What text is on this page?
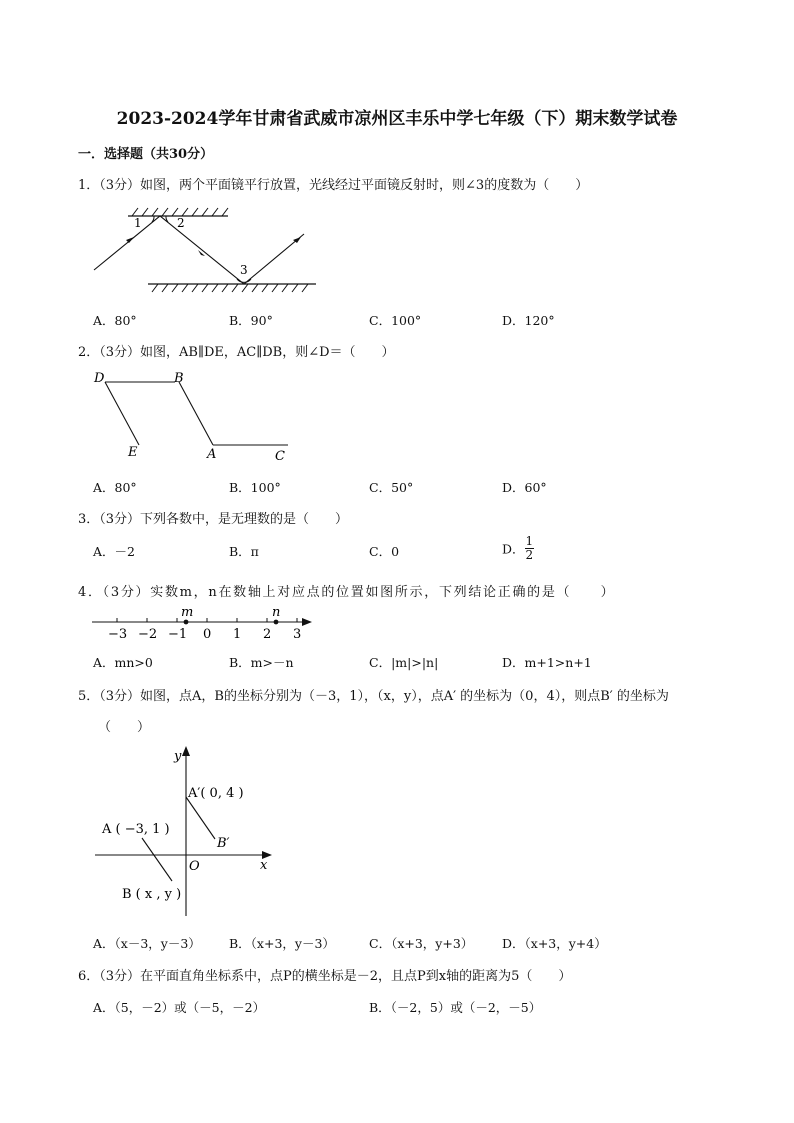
2023-2024学年甘肃省武威市凉州区丰乐中学七年级（下）期末数学试卷
一．选择题（共30分）
1．（3分）如图，两个平面镜平行放置，光线经过平面镜反射时，则∠3的度数为（　　）
1	2
3
A．80°	B．90°	C．100°	D．120°
2．（3分）如图，AB∥DE，AC∥DB，则∠D＝（　　）
D	B
E	A	C
A．80°	B．100°	C．50°	D．60°
3．（3分）下列各数中，是无理数的是（　　）
A．－2	B．π	C．0	D． $\frac{1}{2}$
4．（3分）实数m，n在数轴上对应点的位置如图所示，下列结论正确的是（　　）
−3 −2 −1 0 1 2 3
m	n
A．mn>0	B．m>－n	C．|m|>|n|	D．m+1>n+1
5．（3分）如图，点A，B的坐标分别为（－3，1），（x，y），点A′ 的坐标为（0，4），则点B′ 的坐标为
（　　）
y
x
O
A′( 0, 4 )
B′
A ( −3, 1 )
B ( x , y )
A．（x－3，y－3） B．（x+3，y－3）	C．（x+3，y+3） D．（x+3，y+4）
6．（3分）在平面直角坐标系中，点P的横坐标是－2，且点P到x轴的距离为5（　　）
A．（5，－2）或（－5，－2）	B．（－2，5）或（－2，－5）
